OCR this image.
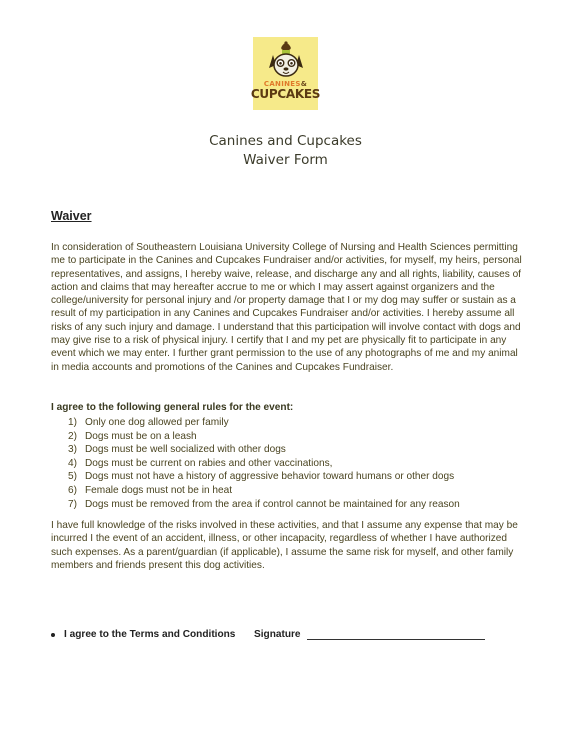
CANINES&
CUPCAKES
Canines and Cupcakes
Waiver Form
Waiver

In consideration of Southeastern Louisiana University College of Nursing and Health Sciences permitting me to participate in the Canines and Cupcakes Fundraiser and/or activities, for myself, my heirs, personal representatives, and assigns, I hereby waive, release, and discharge any and all rights, liability, causes of action and claims that may hereafter accrue to me or which I may assert against organizers and the college/university for personal injury and /or property damage that I or my dog may suffer or sustain as a result of my participation in any Canines and Cupcakes Fundraiser and/or activities. I hereby assume all risks of any such injury and damage. I understand that this participation will involve contact with dogs and may give rise to a risk of physical injury. I certify that I and my pet are physically fit to participate in any event which we may enter. I further grant permission to the use of any photographs of me and my animal in media accounts and promotions of the Canines and Cupcakes Fundraiser.

I agree to the following general rules for the event:
1) Only one dog allowed per family
2) Dogs must be on a leash
3) Dogs must be well socialized with other dogs
4) Dogs must be current on rabies and other vaccinations,
5) Dogs must not have a history of aggressive behavior toward humans or other dogs
6) Female dogs must not be in heat
7) Dogs must be removed from the area if control cannot be maintained for any reason

I have full knowledge of the risks involved in these activities, and that I assume any expense that may be incurred I the event of an accident, illness, or other incapacity, regardless of whether I have authorized such expenses. As a parent/guardian (if applicable), I assume the same risk for myself, and other family members and friends present this dog activities.

I agree to the Terms and Conditions Signature
